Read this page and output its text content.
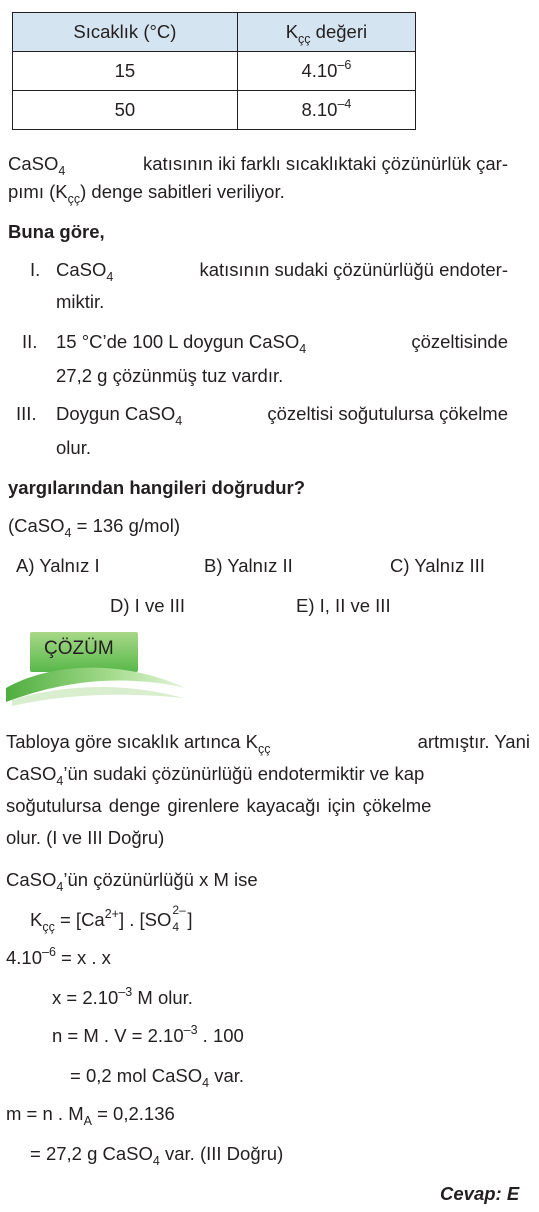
Sıcaklık (°C)	$K_{çç}$ değeri
15	$4.10^{-6}$
50	$8.10^{-4}$
CaSO$_4$	katısının iki farklı sıcaklıktaki çözünürlük çar-
pımı $(K_{çç})$ denge sabitleri veriliyor.
Buna göre,
I. CaSO$_4$	katısının sudaki çözünürlüğü endoter-
miktir.
II. 15 °C’de 100 L doygun CaSO$_4$	çözeltisinde
27,2 g çözünmüş tuz vardır.
III. Doygun CaSO$_4$	çözeltisi soğutulursa çökelme
olur.
yargılarından hangileri doğrudur?
(CaSO$_4$ = 136 g/mol)
A) Yalnız I	B) Yalnız II	C) Yalnız III
D) I ve III	E) I, II ve III
ÇÖZÜM
Tabloya göre sıcaklık artınca $K_{çç}$	artmıştır. Yani
CaSO$_4$’ün sudaki çözünürlüğü endotermiktir ve kap
soğutulursa denge girenlere kayacağı için çökelme
olur. (I ve III Doğru)
CaSO$_4$’ün çözünürlüğü x M ise
$K_{çç} = [Ca^{2+}]$ . [SO 2–
4 ]
$4.10^{-6} = x$ . x
$x = 2.10^{-3}$ M olur.
n = M . $V = 2.10^{-3}$ . 100
= 0,2 mol CaSO$_4$ var.
m = n . $M_A = 0,2.136$
= 27,2 g CaSO$_4$ var. (III Doğru)
Cevap: E
